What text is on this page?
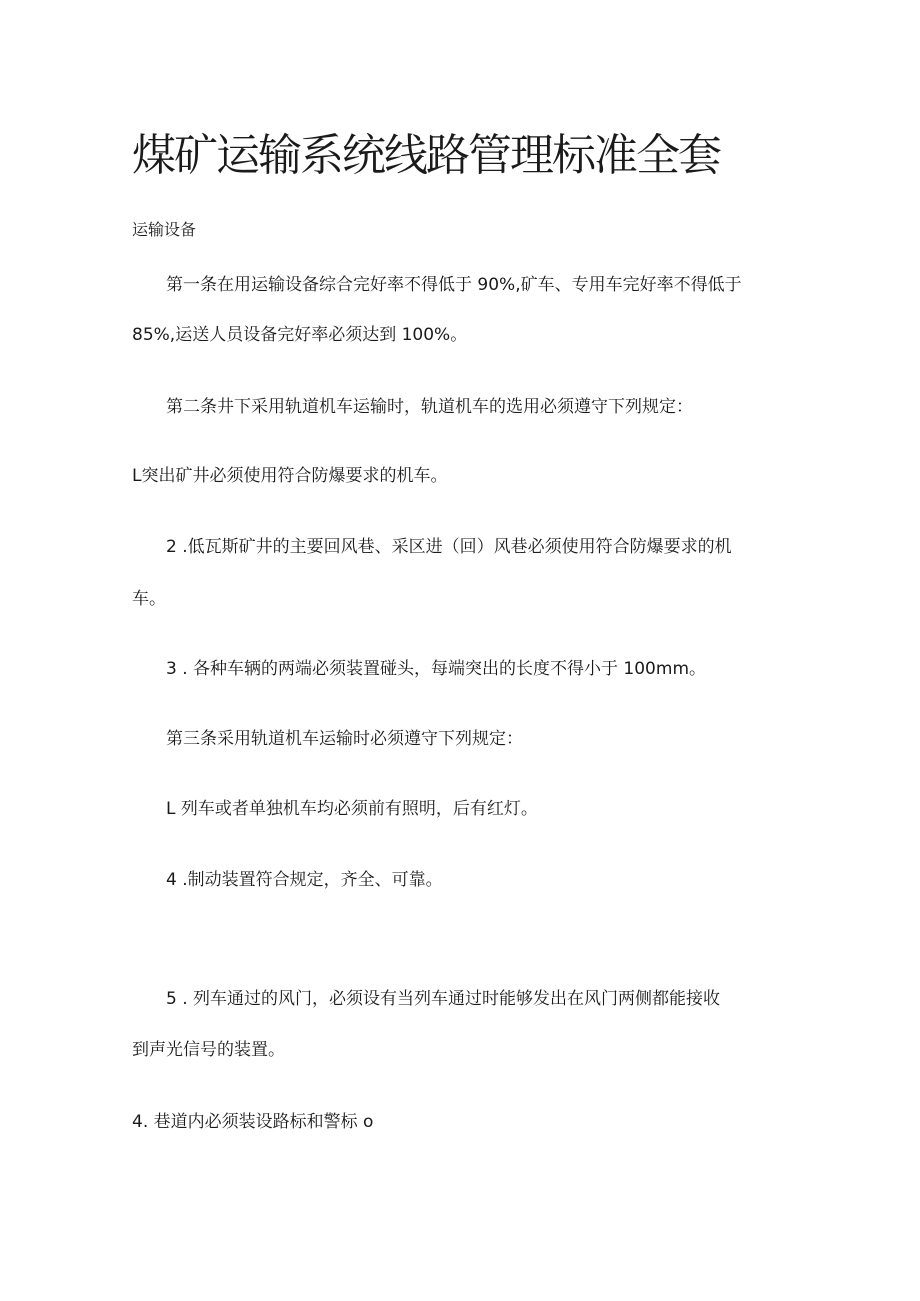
煤矿运输系统线路管理标准全套

运输设备

第一条在用运输设备综合完好率不得低于 90%,矿车、专用车完好率不得低于

85%,运送人员设备完好率必须达到 100%。

第二条井下采用轨道机车运输时，轨道机车的选用必须遵守下列规定：

L突出矿井必须使用符合防爆要求的机车。

2 .低瓦斯矿井的主要回风巷、采区进（回）风巷必须使用符合防爆要求的机

车。

3 . 各种车辆的两端必须装置碰头，每端突出的长度不得小于 100mm。

第三条采用轨道机车运输时必须遵守下列规定：

L 列车或者单独机车均必须前有照明，后有红灯。

4 .制动装置符合规定，齐全、可靠。

5 . 列车通过的风门，必须设有当列车通过时能够发出在风门两侧都能接收

到声光信号的装置。

4. 巷道内必须装设路标和警标 o
